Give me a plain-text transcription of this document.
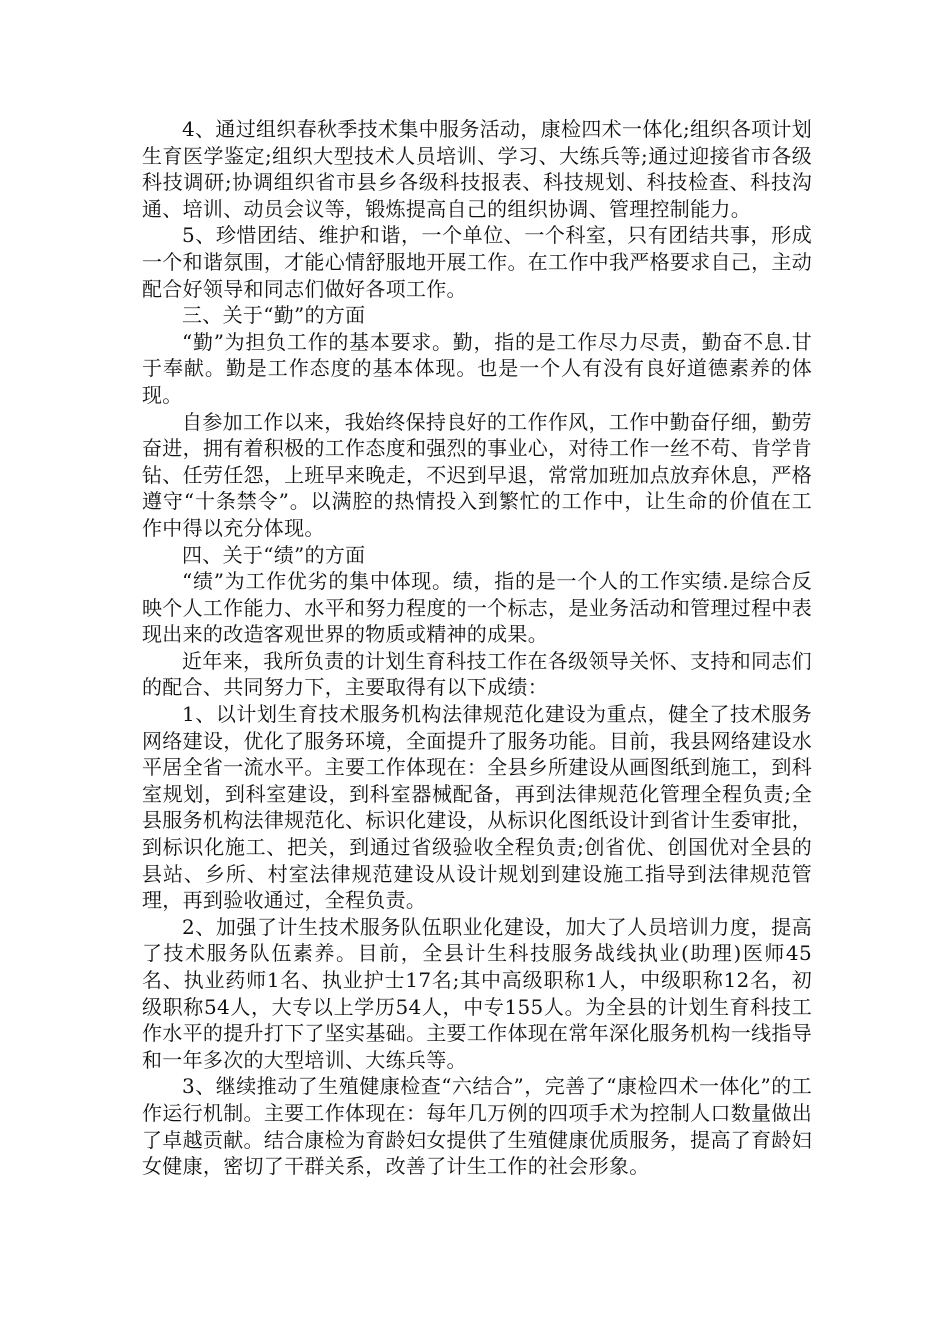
4、通过组织春秋季技术集中服务活动，康检四术一体化;组织各项计划生育医学鉴定;组织大型技术人员培训、学习、大练兵等;通过迎接省市各级科技调研;协调组织省市县乡各级科技报表、科技规划、科技检查、科技沟通、培训、动员会议等，锻炼提高自己的组织协调、管理控制能力。

5、珍惜团结、维护和谐，一个单位、一个科室，只有团结共事，形成一个和谐氛围，才能心情舒服地开展工作。在工作中我严格要求自己，主动配合好领导和同志们做好各项工作。

三、关于“勤”的方面

“勤”为担负工作的基本要求。勤，指的是工作尽力尽责，勤奋不息.甘于奉献。勤是工作态度的基本体现。也是一个人有没有良好道德素养的体现。

自参加工作以来，我始终保持良好的工作作风，工作中勤奋仔细，勤劳奋进，拥有着积极的工作态度和强烈的事业心，对待工作一丝不苟、肯学肯钻、任劳任怨，上班早来晚走，不迟到早退，常常加班加点放弃休息，严格遵守“十条禁令”。以满腔的热情投入到繁忙的工作中，让生命的价值在工作中得以充分体现。

四、关于“绩”的方面

“绩”为工作优劣的集中体现。绩，指的是一个人的工作实绩.是综合反映个人工作能力、水平和努力程度的一个标志，是业务活动和管理过程中表现出来的改造客观世界的物质或精神的成果。

近年来，我所负责的计划生育科技工作在各级领导关怀、支持和同志们的配合、共同努力下，主要取得有以下成绩：

1、以计划生育技术服务机构法律规范化建设为重点，健全了技术服务网络建设，优化了服务环境，全面提升了服务功能。目前，我县网络建设水平居全省一流水平。主要工作体现在：全县乡所建设从画图纸到施工，到科室规划，到科室建设，到科室器械配备，再到法律规范化管理全程负责;全县服务机构法律规范化、标识化建设，从标识化图纸设计到省计生委审批，到标识化施工、把关，到通过省级验收全程负责;创省优、创国优对全县的县站、乡所、村室法律规范建设从设计规划到建设施工指导到法律规范管理，再到验收通过，全程负责。

2、加强了计生技术服务队伍职业化建设，加大了人员培训力度，提高了技术服务队伍素养。目前，全县计生科技服务战线执业(助理)医师45名、执业药师1名、执业护士17名;其中高级职称1人，中级职称12名，初级职称54人，大专以上学历54人，中专155人。为全县的计划生育科技工作水平的提升打下了坚实基础。主要工作体现在常年深化服务机构一线指导和一年多次的大型培训、大练兵等。

3、继续推动了生殖健康检查“六结合”，完善了“康检四术一体化”的工作运行机制。主要工作体现在：每年几万例的四项手术为控制人口数量做出了卓越贡献。结合康检为育龄妇女提供了生殖健康优质服务，提高了育龄妇女健康，密切了干群关系，改善了计生工作的社会形象。
